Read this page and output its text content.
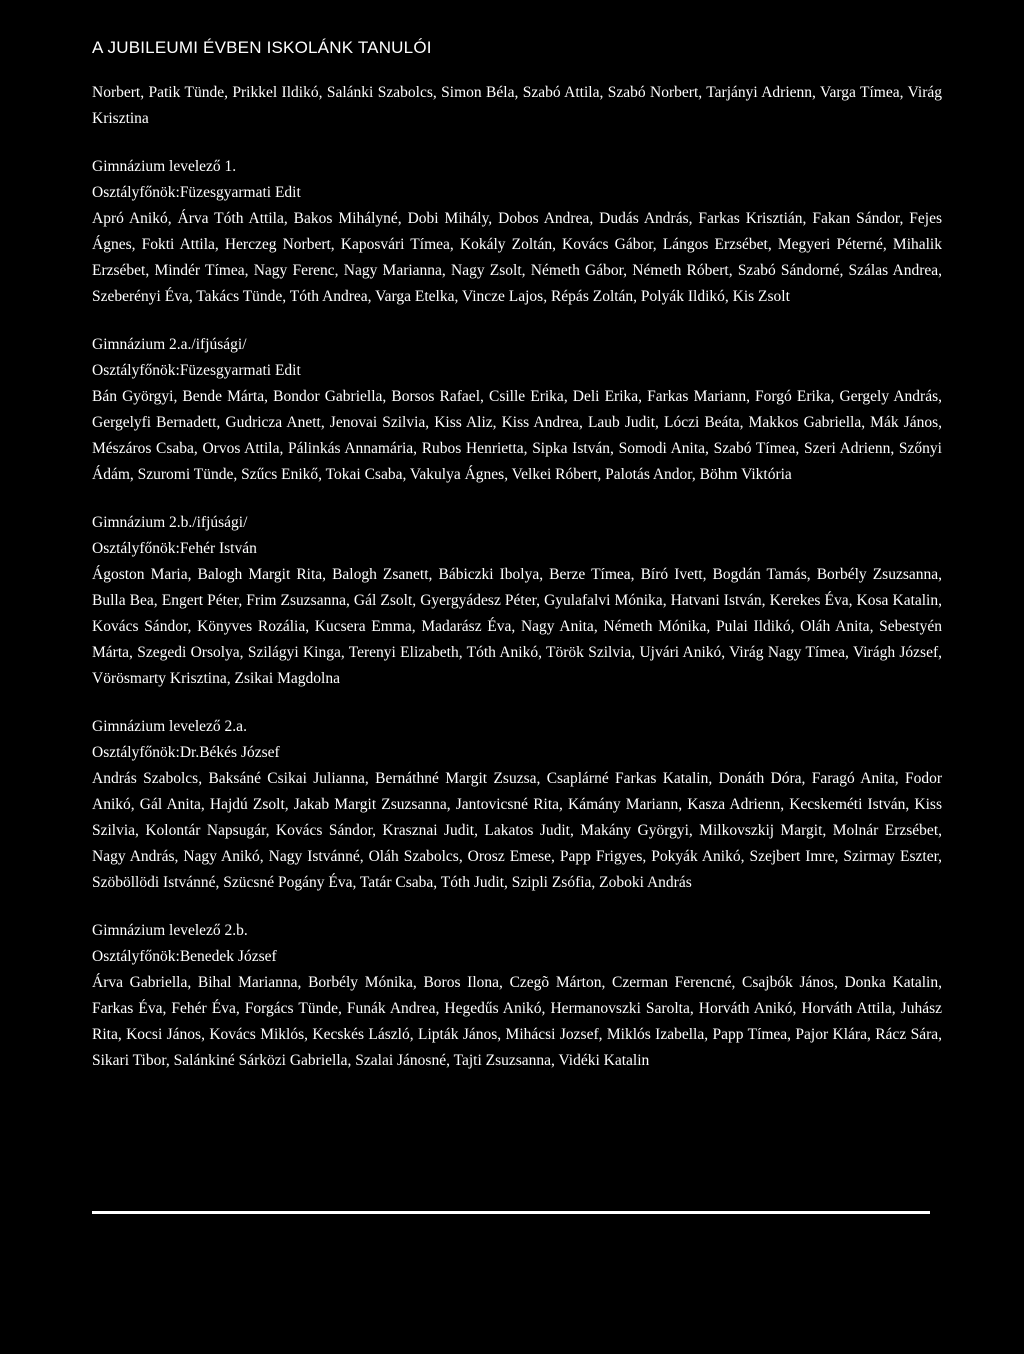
A JUBILEUMI ÉVBEN ISKOLÁNK TANULÓI
Norbert, Patik Tünde, Prikkel Ildikó, Salánki Szabolcs, Simon Béla, Szabó Attila, Szabó Norbert, Tarjányi Adrienn, Varga Tímea, Virág Krisztina
Gimnázium levelező 1.
Osztályfőnök:Füzesgyarmati Edit
Apró Anikó, Árva Tóth Attila, Bakos Mihályné, Dobi Mihály, Dobos Andrea, Dudás András, Farkas Krisztián, Fakan Sándor, Fejes Ágnes, Fokti Attila, Herczeg Norbert, Kaposvári Tímea, Kokály Zoltán, Kovács Gábor, Lángos Erzsébet, Megyeri Péterné, Mihalik Erzsébet, Mindér Tímea, Nagy Ferenc, Nagy Marianna, Nagy Zsolt, Németh Gábor, Németh Róbert, Szabó Sándorné, Szálas Andrea, Szeberényi Éva, Takács Tünde, Tóth Andrea, Varga Etelka, Vincze Lajos, Répás Zoltán, Polyák Ildikó, Kis Zsolt
Gimnázium 2.a./ifjúsági/
Osztályfőnök:Füzesgyarmati Edit
Bán Györgyi, Bende Márta, Bondor Gabriella, Borsos Rafael, Csille Erika, Deli Erika, Farkas Mariann, Forgó Erika, Gergely András, Gergelyfi Bernadett, Gudricza Anett, Jenovai Szilvia, Kiss Aliz, Kiss Andrea, Laub Judit, Lóczi Beáta, Makkos Gabriella, Mák János, Mészáros Csaba, Orvos Attila, Pálinkás Annamária, Rubos Henrietta, Sipka István, Somodi Anita, Szabó Tímea, Szeri Adrienn, Szőnyi Ádám, Szuromi Tünde, Szűcs Enikő, Tokai Csaba, Vakulya Ágnes, Velkei Róbert, Palotás Andor, Böhm Viktória
Gimnázium 2.b./ifjúsági/
Osztályfőnök:Fehér István
Ágoston Maria, Balogh Margit Rita, Balogh Zsanett, Bábiczki Ibolya, Berze Tímea, Bíró Ivett, Bogdán Tamás, Borbély Zsuzsanna, Bulla Bea, Engert Péter, Frim Zsuzsanna, Gál Zsolt, Gyergyádesz Péter, Gyulafalvi Mónika, Hatvani István, Kerekes Éva, Kosa Katalin, Kovács Sándor, Könyves Rozália, Kucsera Emma, Madarász Éva, Nagy Anita, Németh Mónika, Pulai Ildikó, Oláh Anita, Sebestyén Márta, Szegedi Orsolya, Szilágyi Kinga, Terenyi Elizabeth, Tóth Anikó, Török Szilvia, Ujvári Anikó, Virág Nagy Tímea, Virágh József, Vörösmarty Krisztina, Zsikai Magdolna
Gimnázium levelező 2.a.
Osztályfőnök:Dr.Békés József
András Szabolcs, Baksáné Csikai Julianna, Bernáthné Margit Zsuzsa, Csaplárné Farkas Katalin, Donáth Dóra, Faragó Anita, Fodor Anikó, Gál Anita, Hajdú Zsolt, Jakab Margit Zsuzsanna, Jantovicsné Rita, Kámány Mariann, Kasza Adrienn, Kecskeméti István, Kiss Szilvia, Kolontár Napsugár, Kovács Sándor, Krasznai Judit, Lakatos Judit, Makány Györgyi, Milkovszkij Margit, Molnár Erzsébet, Nagy András, Nagy Anikó, Nagy Istvánné, Oláh Szabolcs, Orosz Emese, Papp Frigyes, Pokyák Anikó, Szejbert Imre, Szirmay Eszter, Szöböllödi Istvánné, Szücsné Pogány Éva, Tatár Csaba, Tóth Judit, Szipli Zsófia, Zoboki András
Gimnázium levelező 2.b.
Osztályfőnök:Benedek József
Árva Gabriella, Bihal Marianna, Borbély Mónika, Boros Ilona, Czegõ Márton, Czerman Ferencné, Csajbók János, Donka Katalin, Farkas Éva, Fehér Éva, Forgács Tünde, Funák Andrea, Hegedűs Anikó, Hermanovszki Sarolta, Horváth Anikó, Horváth Attila, Juhász Rita, Kocsi János, Kovács Miklós, Kecskés László, Lipták János, Mihácsi Jozsef, Miklós Izabella, Papp Tímea, Pajor Klára, Rácz Sára, Sikari Tibor, Salánkiné Sárközi Gabriella, Szalai Jánosné, Tajti Zsuzsanna, Vidéki Katalin
